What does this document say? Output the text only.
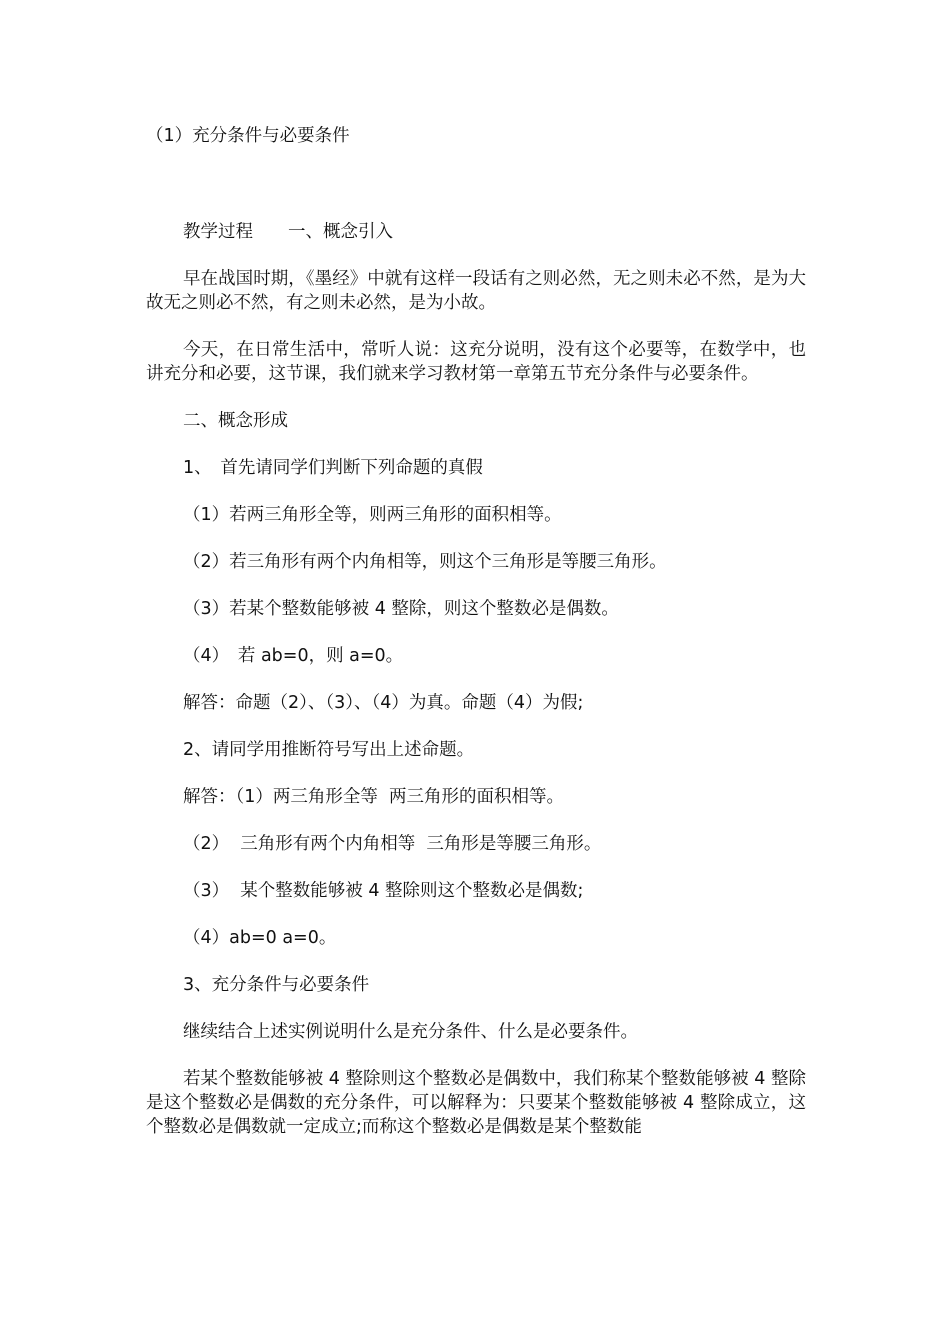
（1）充分条件与必要条件

教学过程　　一、概念引入

早在战国时期，《墨经》中就有这样一段话有之则必然，无之则未必不然，是为大故无之则必不然，有之则未必然，是为小故。

今天，在日常生活中，常听人说：这充分说明，没有这个必要等，在数学中，也讲充分和必要，这节课，我们就来学习教材第一章第五节充分条件与必要条件。

二、概念形成

1、　首先请同学们判断下列命题的真假

（1）若两三角形全等，则两三角形的面积相等。

（2）若三角形有两个内角相等，则这个三角形是等腰三角形。

（3）若某个整数能够被 4 整除，则这个整数必是偶数。

（4）　若 ab=0，则 a=0。

解答：命题（2）、（3）、（4）为真。命题（4）为假;

2、请同学用推断符号写出上述命题。

解答：（1）两三角形全等  两三角形的面积相等。

（2）  三角形有两个内角相等  三角形是等腰三角形。

（3）  某个整数能够被 4 整除则这个整数必是偶数;

（4）ab=0 a=0。

3、充分条件与必要条件

继续结合上述实例说明什么是充分条件、什么是必要条件。

若某个整数能够被 4 整除则这个整数必是偶数中，我们称某个整数能够被 4 整除是这个整数必是偶数的充分条件，可以解释为：只要某个整数能够被 4 整除成立，这个整数必是偶数就一定成立;而称这个整数必是偶数是某个整数能
